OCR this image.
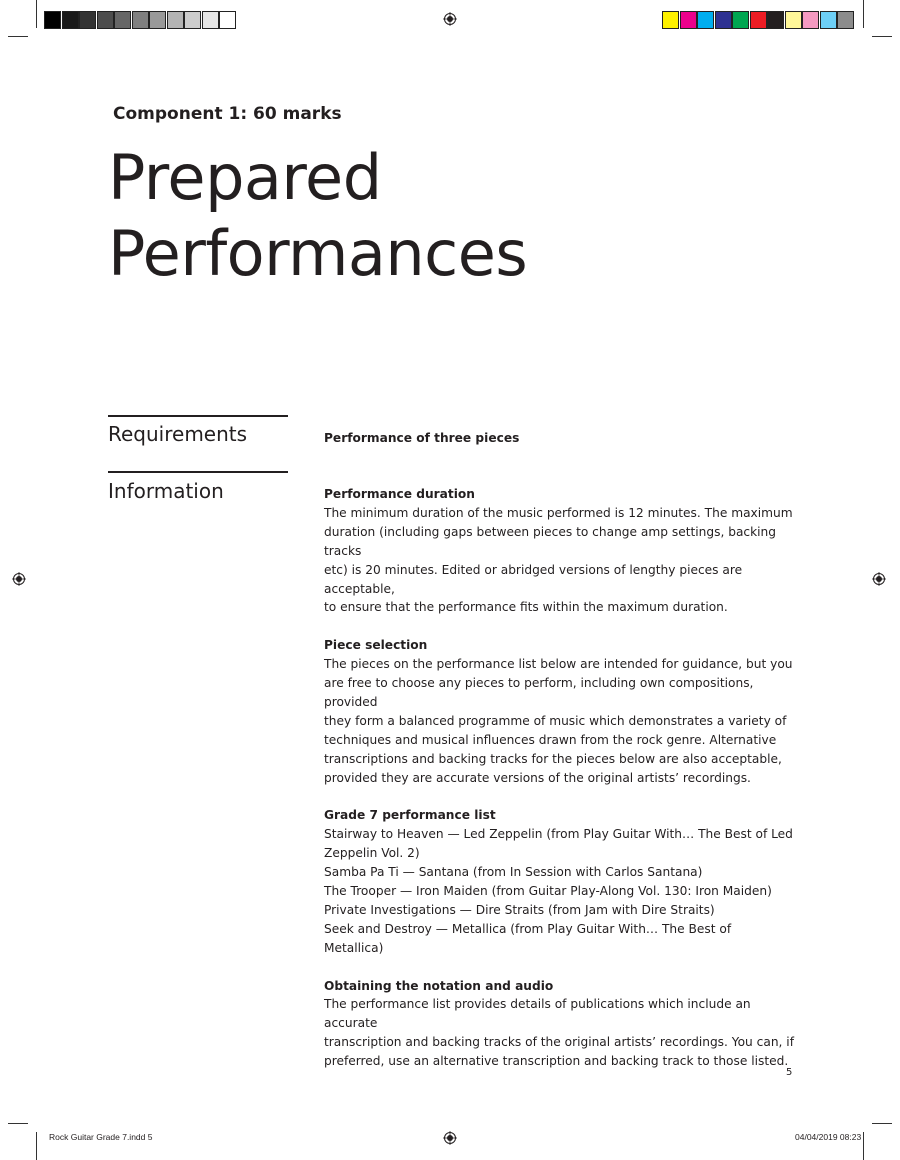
Component 1: 60 marks
Prepared
Performances
Requirements	Performance of three pieces

Information	Performance duration

The minimum duration of the music performed is 12 minutes. The maximum

duration (including gaps between pieces to change amp settings, backing tracks

etc) is 20 minutes. Edited or abridged versions of lengthy pieces are acceptable,

to ensure that the performance fits within the maximum duration.

Piece selection

The pieces on the performance list below are intended for guidance, but you

are free to choose any pieces to perform, including own compositions, provided

they form a balanced programme of music which demonstrates a variety of

techniques and musical influences drawn from the rock genre. Alternative

transcriptions and backing tracks for the pieces below are also acceptable,

provided they are accurate versions of the original artists’ recordings.

Grade 7 performance list

Stairway to Heaven — Led Zeppelin (from Play Guitar With… The Best of Led

Zeppelin Vol. 2)

Samba Pa Ti — Santana (from In Session with Carlos Santana)

The Trooper — Iron Maiden (from Guitar Play-Along Vol. 130: Iron Maiden)

Private Investigations — Dire Straits (from Jam with Dire Straits)

Seek and Destroy — Metallica (from Play Guitar With… The Best of Metallica)

Obtaining the notation and audio

The performance list provides details of publications which include an accurate

transcription and backing tracks of the original artists’ recordings. You can, if

preferred, use an alternative transcription and backing track to those listed.

5
Rock Guitar Grade 7.indd 5	04/04/2019 08:23
